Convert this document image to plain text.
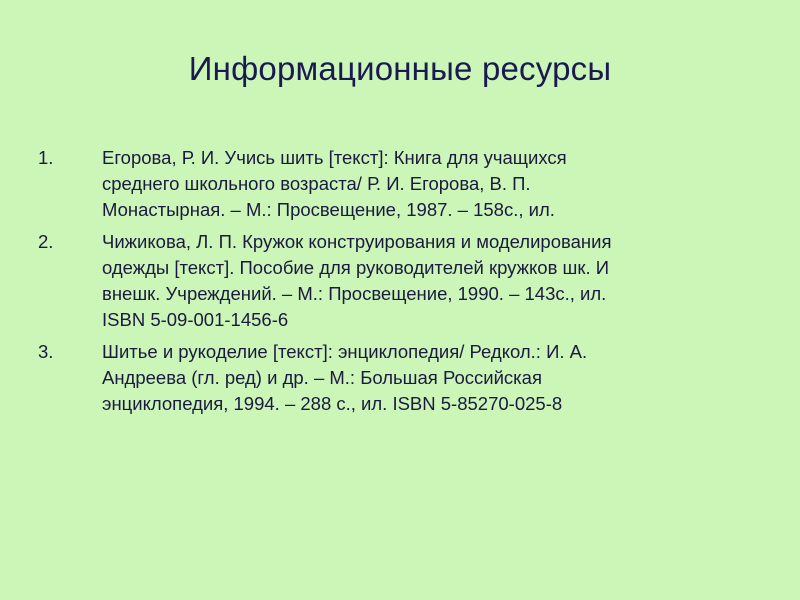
Информационные ресурсы
1.	Егорова, Р. И. Учись шить [текст]: Книга для учащихся
среднего школьного возраста/ Р. И. Егорова, В. П.
Монастырная. – М.: Просвещение, 1987. – 158с., ил.
2.	Чижикова, Л. П. Кружок конструирования и моделирования
одежды [текст]. Пособие для руководителей кружков шк. И
внешк. Учреждений. – М.: Просвещение, 1990. – 143с., ил.
ISBN 5-09-001-1456-6
3.	Шитье и рукоделие [текст]: энциклопедия/ Редкол.: И. А.
Андреева (гл. ред) и др. – М.: Большая Российская
энциклопедия, 1994. – 288 с., ил. ISBN 5-85270-025-8
